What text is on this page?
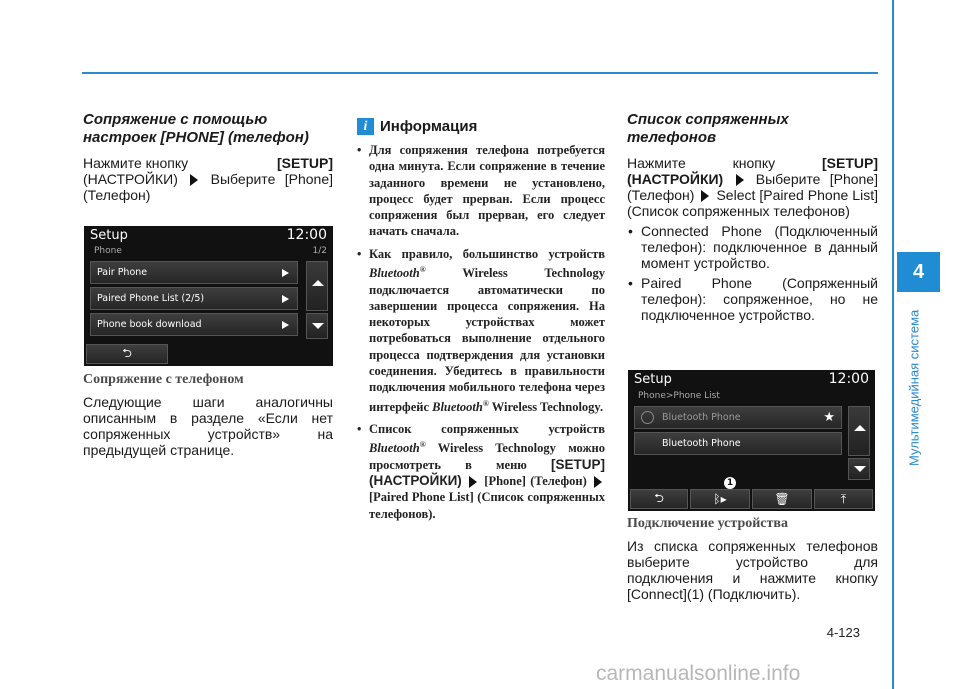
4
Мультимедийная система
4-123
carmanualsonline.info

Сопряжение с помощью настроек [PHONE] (телефон)

Нажмите кнопку	[SETUP]

(НАСТРОЙКИ) Выберите [Phone] (Телефон)

Setup	12:00
Phone	1/2
Pair Phone
Paired Phone List (2/5)
Phone book download
⮌

Сопряжение с телефоном

Следующие шаги аналогичны описанным в разделе «Если нет сопряженных устройств» на предыдущей странице.

i Информация
• Для сопряжения телефона потребуется одна минута. Если сопряжение в течение заданного времени не установлено, процесс будет прерван. Если процесс сопряжения был прерван, его следует начать сначала.
• Как правило, большинство устройств Bluetooth®	Wireless Technology подключается автоматически по завершении процесса сопряжения. На некоторых устройствах может потребоваться выполнение отдельного процесса подтверждения для установки соединения. Убедитесь в правильности подключения мобильного телефона через интерфейс Bluetooth® Wireless Technology.
• Список сопряженных устройств Bluetooth® Wireless Technology можно просмотреть в меню [SETUP] (НАСТРОЙКИ) [Phone] (Телефон)  [Paired Phone List] (Список сопряженных телефонов).

Список сопряженных телефонов

Нажмите кнопку	[SETUP] (НАСТРОЙКИ) Выберите [Phone] (Телефон) Select [Paired Phone List] (Список сопряженных телефонов)

• Connected Phone (Подключенный телефон): подключенное в данный момент устройство.
• Paired Phone (Сопряженный телефон): сопряженное, но не подключенное устройство.
Setup	12:00
Phone>Phone List
Bluetooth Phone	★
Bluetooth Phone
1
⮌	ᛒ▸	🗑	⤒

Подключение устройства

Из списка сопряженных телефонов выберите устройство для подключения и нажмите кнопку [Connect](1) (Подключить).
